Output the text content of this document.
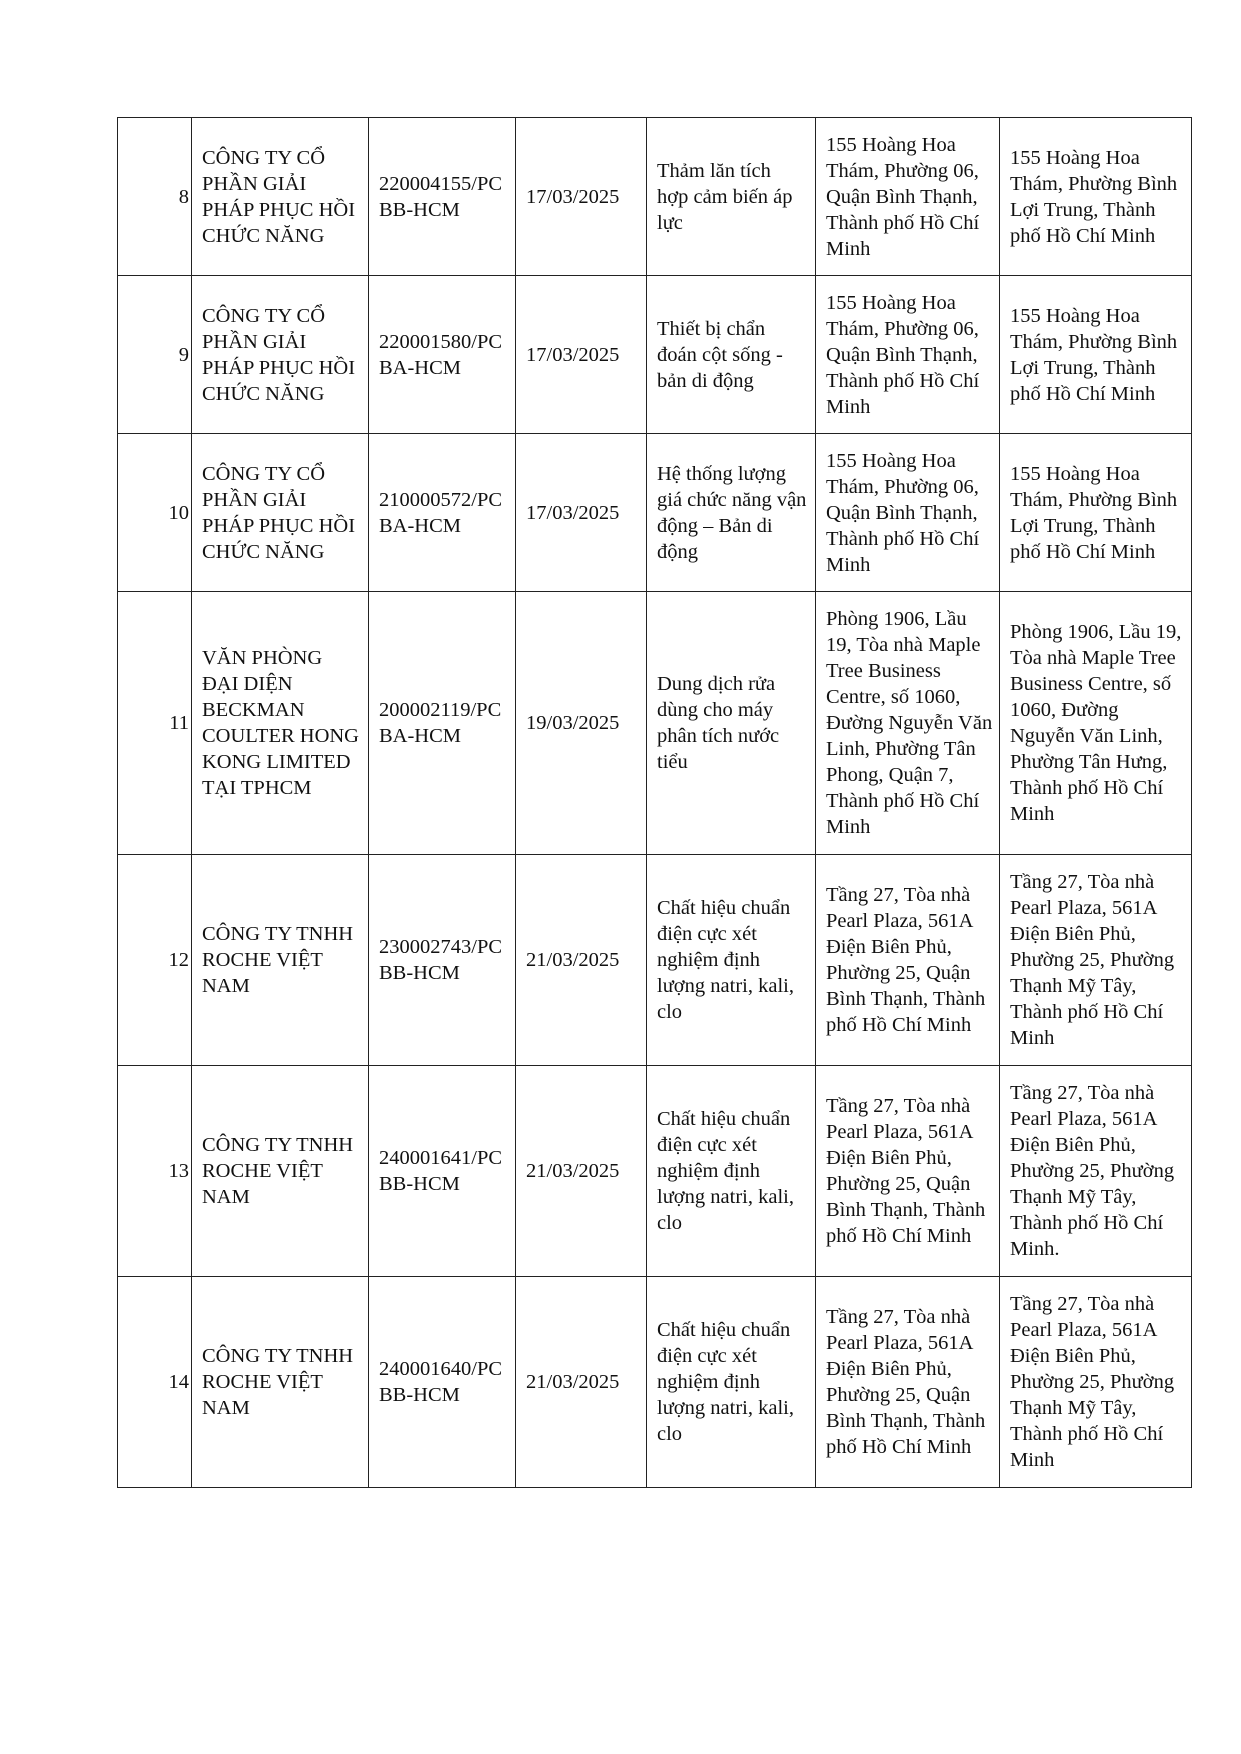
8	CÔNG TY CỔ PHẦN GIẢI PHÁP PHỤC HỒI CHỨC NĂNG	220004155/PCBB-HCM	17/03/2025	Thảm lăn tích hợp cảm biến áp lực	155 Hoàng Hoa Thám, Phường 06, Quận Bình Thạnh, Thành phố Hồ Chí Minh	155 Hoàng Hoa Thám, Phường Bình Lợi Trung, Thành phố Hồ Chí Minh
9	CÔNG TY CỔ PHẦN GIẢI PHÁP PHỤC HỒI CHỨC NĂNG	220001580/PCBA-HCM	17/03/2025	Thiết bị chẩn đoán cột sống - bản di động	155 Hoàng Hoa Thám, Phường 06, Quận Bình Thạnh, Thành phố Hồ Chí Minh	155 Hoàng Hoa Thám, Phường Bình Lợi Trung, Thành phố Hồ Chí Minh
10	CÔNG TY CỔ PHẦN GIẢI PHÁP PHỤC HỒI CHỨC NĂNG	210000572/PCBA-HCM	17/03/2025	Hệ thống lượng giá chức năng vận động – Bản di động	155 Hoàng Hoa Thám, Phường 06, Quận Bình Thạnh, Thành phố Hồ Chí Minh	155 Hoàng Hoa Thám, Phường Bình Lợi Trung, Thành phố Hồ Chí Minh
11	VĂN PHÒNG ĐẠI DIỆN BECKMAN COULTER HONG KONG LIMITED TẠI TPHCM	200002119/PCBA-HCM	19/03/2025	Dung dịch rửa dùng cho máy phân tích nước tiểu	Phòng 1906, Lầu 19, Tòa nhà Maple Tree Business Centre, số 1060, Đường Nguyễn Văn Linh, Phường Tân Phong, Quận 7, Thành phố Hồ Chí Minh	Phòng 1906, Lầu 19, Tòa nhà Maple Tree Business Centre, số 1060, Đường Nguyễn Văn Linh, Phường Tân Hưng, Thành phố Hồ Chí Minh
12	CÔNG TY TNHH ROCHE VIỆT NAM	230002743/PCBB-HCM	21/03/2025	Chất hiệu chuẩn điện cực xét nghiệm định lượng natri, kali, clo	Tầng 27, Tòa nhà Pearl Plaza, 561A Điện Biên Phủ, Phường 25, Quận Bình Thạnh, Thành phố Hồ Chí Minh	Tầng 27, Tòa nhà Pearl Plaza, 561A Điện Biên Phủ, Phường 25, Phường Thạnh Mỹ Tây, Thành phố Hồ Chí Minh
13	CÔNG TY TNHH ROCHE VIỆT NAM	240001641/PCBB-HCM	21/03/2025	Chất hiệu chuẩn điện cực xét nghiệm định lượng natri, kali, clo	Tầng 27, Tòa nhà Pearl Plaza, 561A Điện Biên Phủ, Phường 25, Quận Bình Thạnh, Thành phố Hồ Chí Minh	Tầng 27, Tòa nhà Pearl Plaza, 561A Điện Biên Phủ, Phường 25, Phường Thạnh Mỹ Tây, Thành phố Hồ Chí Minh.
14	CÔNG TY TNHH ROCHE VIỆT NAM	240001640/PCBB-HCM	21/03/2025	Chất hiệu chuẩn điện cực xét nghiệm định lượng natri, kali, clo	Tầng 27, Tòa nhà Pearl Plaza, 561A Điện Biên Phủ, Phường 25, Quận Bình Thạnh, Thành phố Hồ Chí Minh	Tầng 27, Tòa nhà Pearl Plaza, 561A Điện Biên Phủ, Phường 25, Phường Thạnh Mỹ Tây, Thành phố Hồ Chí Minh
